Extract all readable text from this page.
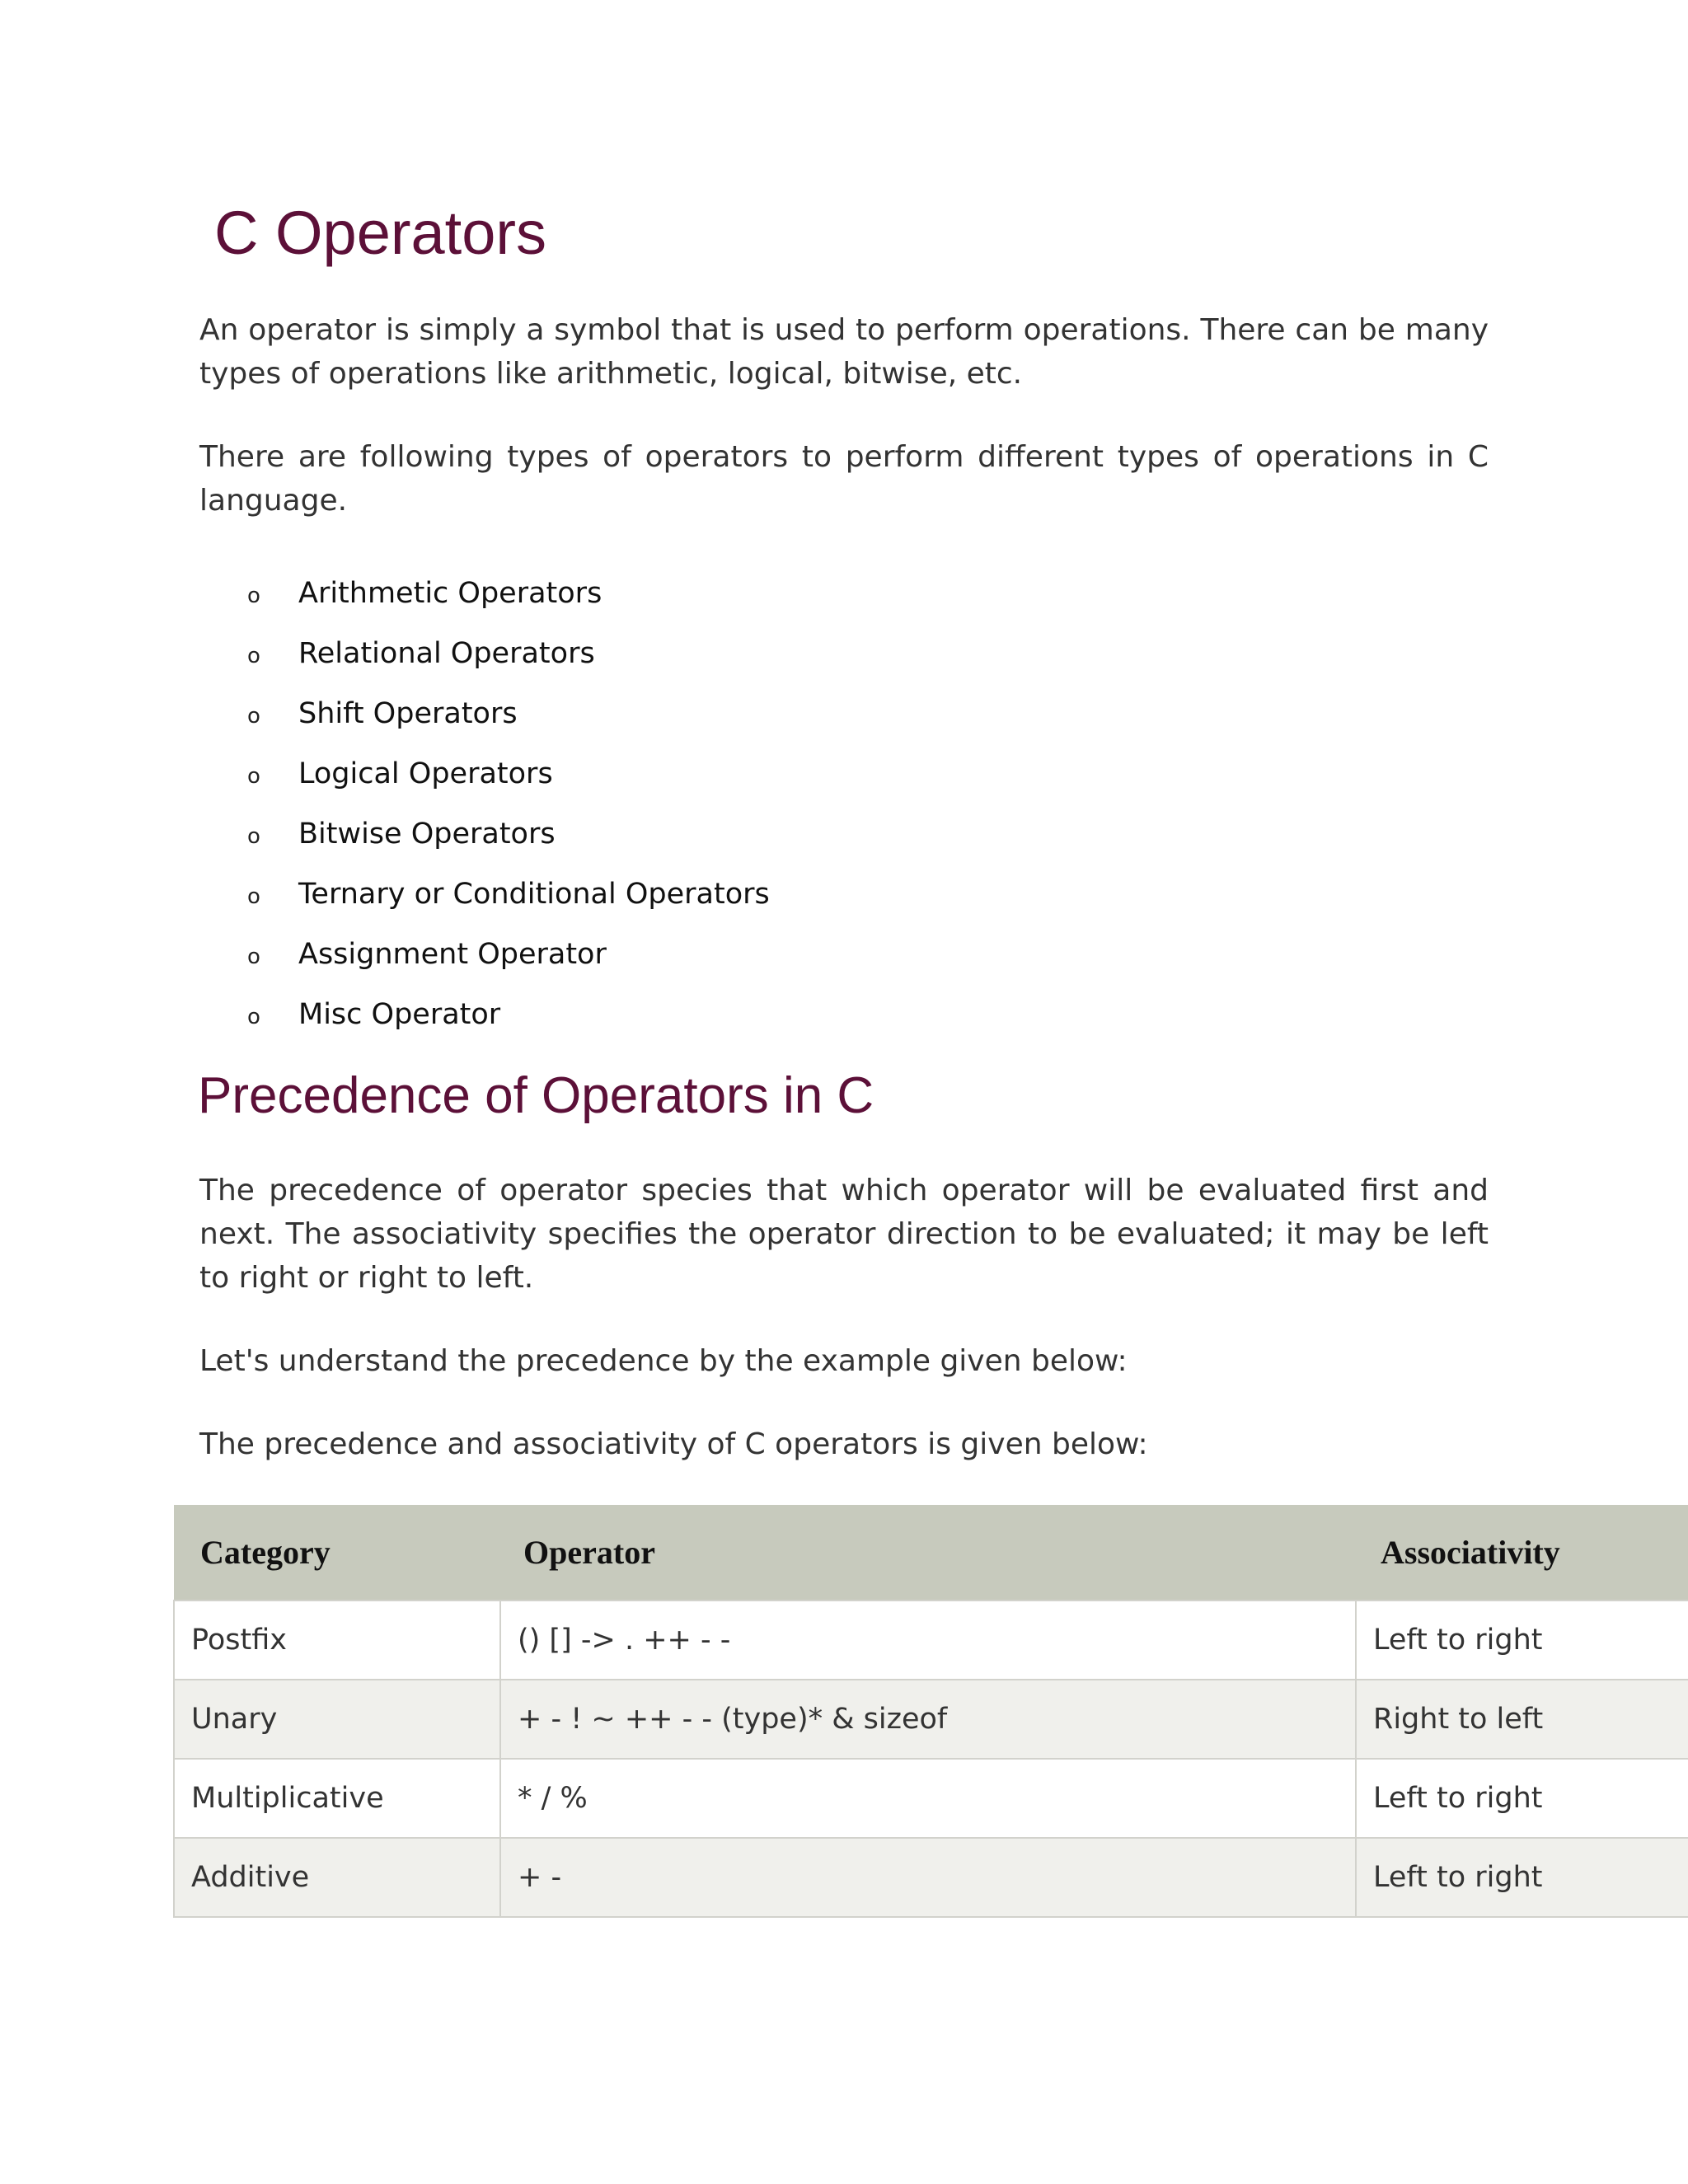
C Operators

An operator is simply a symbol that is used to perform operations. There can be many types of operations like arithmetic, logical, bitwise, etc.

There are following types of operators to perform different types of operations in C language.

o Arithmetic Operators
o Relational Operators
o Shift Operators
o Logical Operators
o Bitwise Operators
o Ternary or Conditional Operators
o Assignment Operator
o Misc Operator
Precedence of Operators in C

The precedence of operator species that which operator will be evaluated first and next. The associativity specifies the operator direction to be evaluated; it may be left to right or right to left.

Let's understand the precedence by the example given below:

The precedence and associativity of C operators is given below:

Category	Operator	Associativity
Postfix	() [] -> . ++ - -	Left to right
Unary	+ - ! ~ ++ - - (type)* & sizeof	Right to left
Multiplicative	* / %	Left to right
Additive	+ -	Left to right
